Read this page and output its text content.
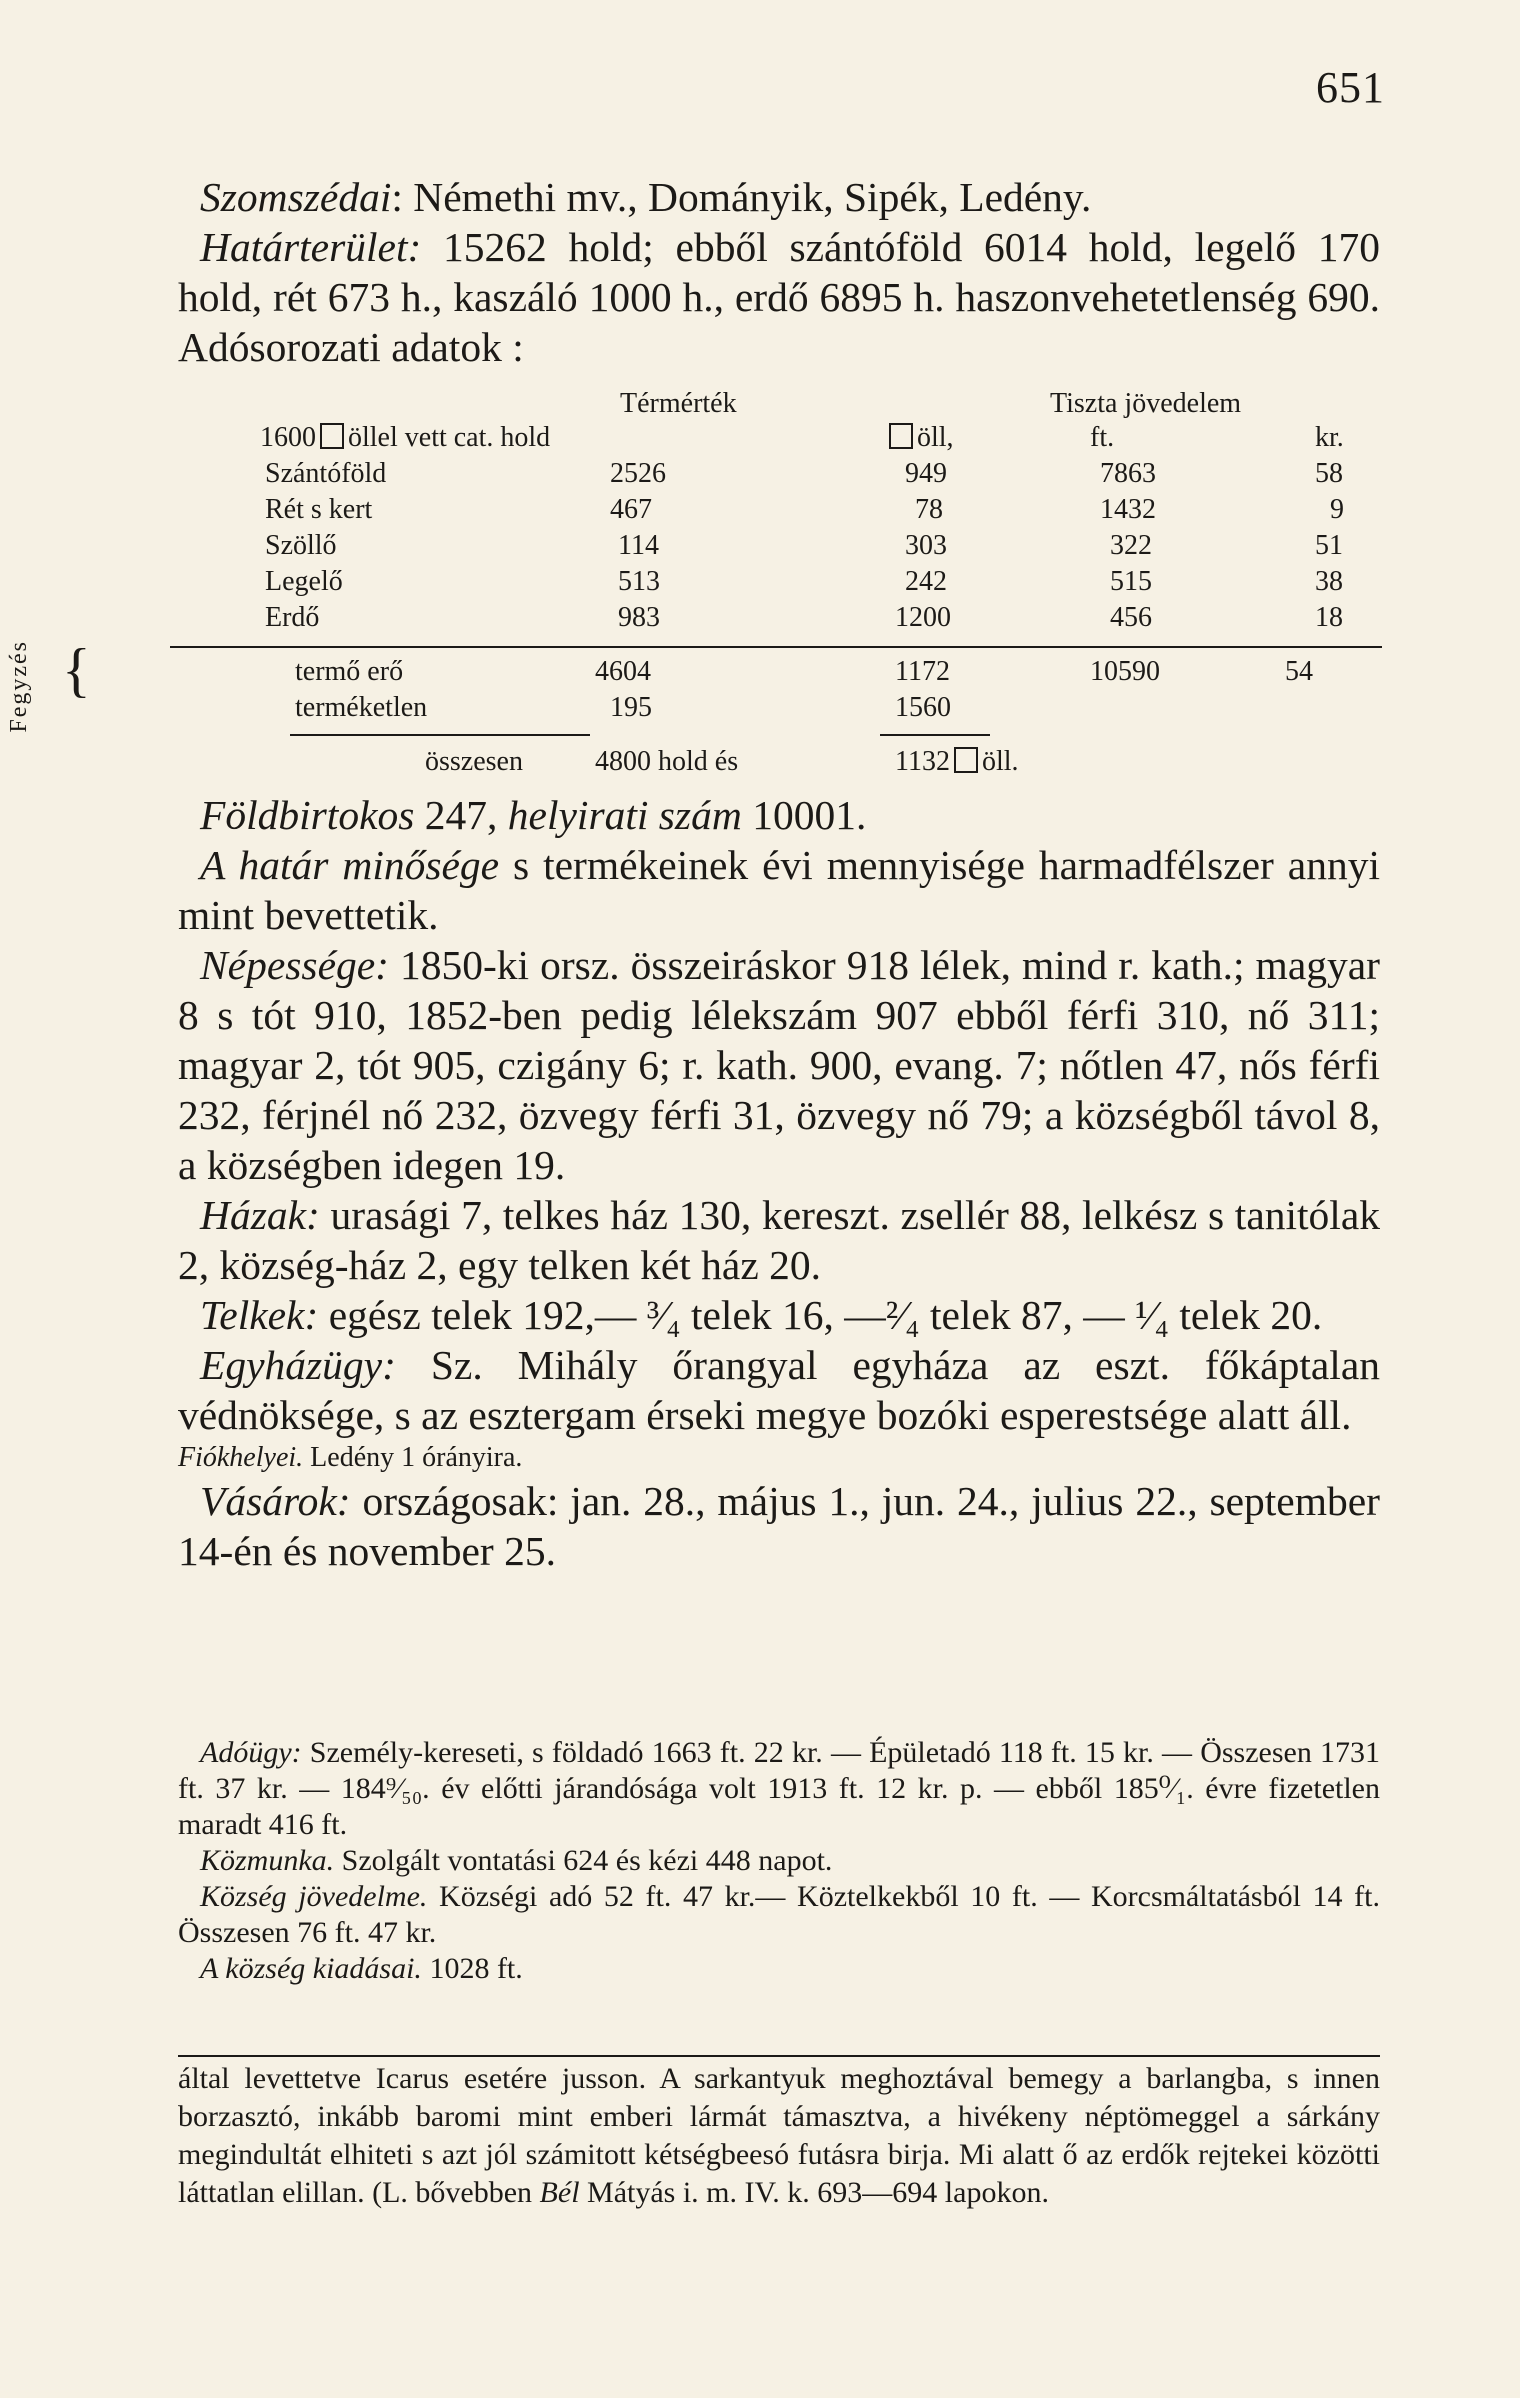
651

Szomszédai: Némethi mv., Dományik, Sipék, Ledény.

Határterület: 15262 hold; ebből szántóföld 6014 hold, legelő 170 hold, rét 673 h., kaszáló 1000 h., erdő 6895 h. haszonvehetetlenség 690. Adósorozati adatok :

Térmérték	Tiszta jövedelem
1600 öllel vett cat. hold	öll,	ft.	kr.
Szántóföld	2526	949	7863	58
Rét s kert	467	78	1432	9
Szöllő	114	303	322	51
Legelő	513	242	515	38
Erdő	983	1200	456	18
termő erő	4604	1172	10590	54
terméketlen	195	1560
összesen	4800 hold és	1132 öll.
Fegyzés {

Földbirtokos 247, helyirati szám 10001.

A határ minősége s termékeinek évi mennyisége harmadfélszer annyi mint bevettetik.

Népessége: 1850-ki orsz. összeiráskor 918 lélek, mind r. kath.; magyar 8 s tót 910, 1852-ben pedig lélekszám 907 ebből férfi 310, nő 311; magyar 2, tót 905, czigány 6; r. kath. 900, evang. 7; nőtlen 47, nős férfi 232, férjnél nő 232, özvegy férfi 31, özvegy nő 79; a községből távol 8, a községben idegen 19.

Házak: urasági 7, telkes ház 130, kereszt. zsellér 88, lelkész s tanitólak 2, község-ház 2, egy telken két ház 20.

Telkek: egész telek 192,— ³⁄₄ telek 16, —²⁄₄ telek 87, — ¹⁄₄ telek 20.

Egyházügy: Sz. Mihály őrangyal egyháza az eszt. főkáptalan védnöksége, s az esztergam érseki megye bozóki esperestsége alatt áll.

Fiókhelyei. Ledény 1 órányira.

Vásárok: országosak: jan. 28., május 1., jun. 24., julius 22., september 14-én és november 25.

Adóügy: Személy-kereseti, s földadó 1663 ft. 22 kr. — Épületadó 118 ft. 15 kr. — Összesen 1731 ft. 37 kr. — 184⁹⁄₅₀. év előtti járandósága volt 1913 ft. 12 kr. p. — ebből 185⁰⁄₁. évre fizetetlen maradt 416 ft.

Közmunka. Szolgált vontatási 624 és kézi 448 napot.

Község jövedelme. Községi adó 52 ft. 47 kr.— Köztelkekből 10 ft. — Korcsmáltatásból 14 ft. Összesen 76 ft. 47 kr.

A község kiadásai. 1028 ft.

által levettetve Icarus esetére jusson. A sarkantyuk meghoztával bemegy a barlangba, s innen borzasztó, inkább baromi mint emberi lármát támasztva, a hivékeny néptömeggel a sárkány megindultát elhiteti s azt jól számitott kétségbeesó futásra birja. Mi alatt ő az erdők rejtekei közötti láttatlan elillan. (L. bővebben Bél Mátyás i. m. IV. k. 693—694 lapokon.
